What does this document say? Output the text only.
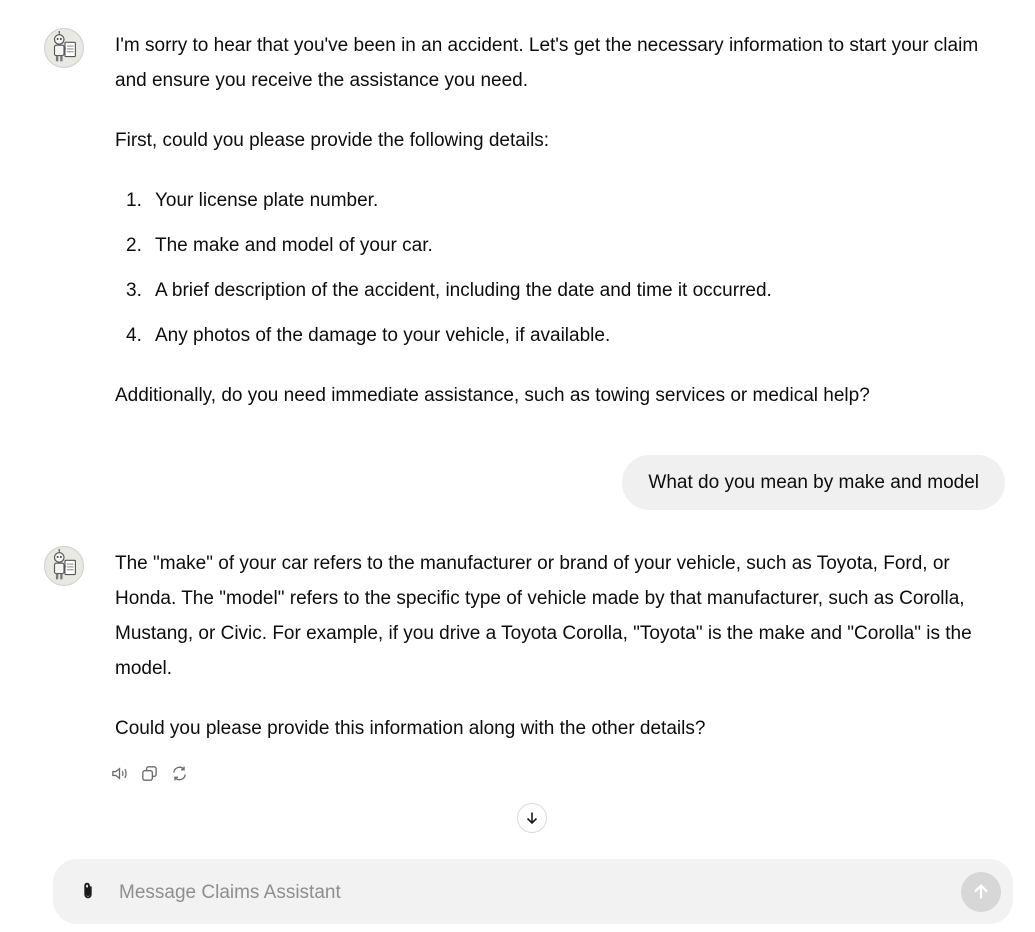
I'm sorry to hear that you've been in an accident. Let's get the necessary information to start your claim and ensure you receive the assistance you need.

First, could you please provide the following details:

1. Your license plate number.
2. The make and model of your car.
3. A brief description of the accident, including the date and time it occurred.
4. Any photos of the damage to your vehicle, if available.

Additionally, do you need immediate assistance, such as towing services or medical help?

What do you mean by make and model

The "make" of your car refers to the manufacturer or brand of your vehicle, such as Toyota, Ford, or Honda. The "model" refers to the specific type of vehicle made by that manufacturer, such as Corolla, Mustang, or Civic. For example, if you drive a Toyota Corolla, "Toyota" is the make and "Corolla" is the model.

Could you please provide this information along with the other details?

Message Claims Assistant
